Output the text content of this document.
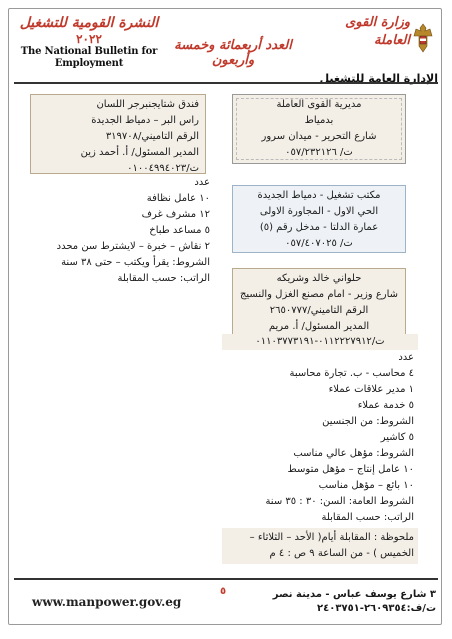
النشرة القومية للتشغيل
٢٠٢٢
The National Bulletin for Employment
العدد أربعمائة وخمسة وأربعون
وزارة القوى العاملة
الإدارة العامة للتشغيل
فندق شتايجنبرجر اللسان
راس البر – دمياط الجديدة
الرقم التاميني/٣١٩٧٠٨
المدير المسئول/ أ. أحمد زين
ت/٠١٠٠٤٩٩٤٠٢٣
مديرية القوى العاملة
بدمياط
شارع التحرير - ميدان سرور
ت/ ٠٥٧/٢٣٢١٢٦
عدد
١٠ عامل نظافة
١٢ مشرف غرف
٥ مساعد طباخ
٢ نقاش – خبرة – لايشترط سن محدد
الشروط: يقرأ ويكتب – حتى ٣٨ سنة
الراتب: حسب المقابلة
مكتب تشغيل - دمياط الجديدة
الحي الاول - المجاورة الاولى
عمارة الدلتا - مدخل رقم (٥)
ت/ ٠٥٧/٤٠٧٠٢٥
حلواني خالد وشريكه
شارع وزير - امام مصنع الغزل والنسيج
الرقم التاميني/٢٦٥٠٧٧٧
المدير المسئول/ أ. مريم
ت/٠١١٢٢٢٧٩١٢-٠١١٠٣٧٧٣١٩١
عدد
٤ محاسب - ب. تجارة محاسبة
١ مدير علاقات عملاء
٥ خدمة عملاء
الشروط: من الجنسين
٥ كاشير
الشروط: مؤهل عالي مناسب
١٠ عامل إنتاج – مؤهل متوسط
١٠ بائع – مؤهل مناسب
الشروط العامة: السن: ٣٠ : ٣٥ سنة
الراتب: حسب المقابلة
ملحوظة : المقابلة أيام( الأحد – الثلاثاء –
الخميس ) - من الساعة ٩ ص : ٤ م
٣ شارع يوسف عباس - مدينة نصر
ت/ف:٢٦٠٩٣٥٤-٢٤٠٣٧٥١
٥
www.manpower.gov.eg
